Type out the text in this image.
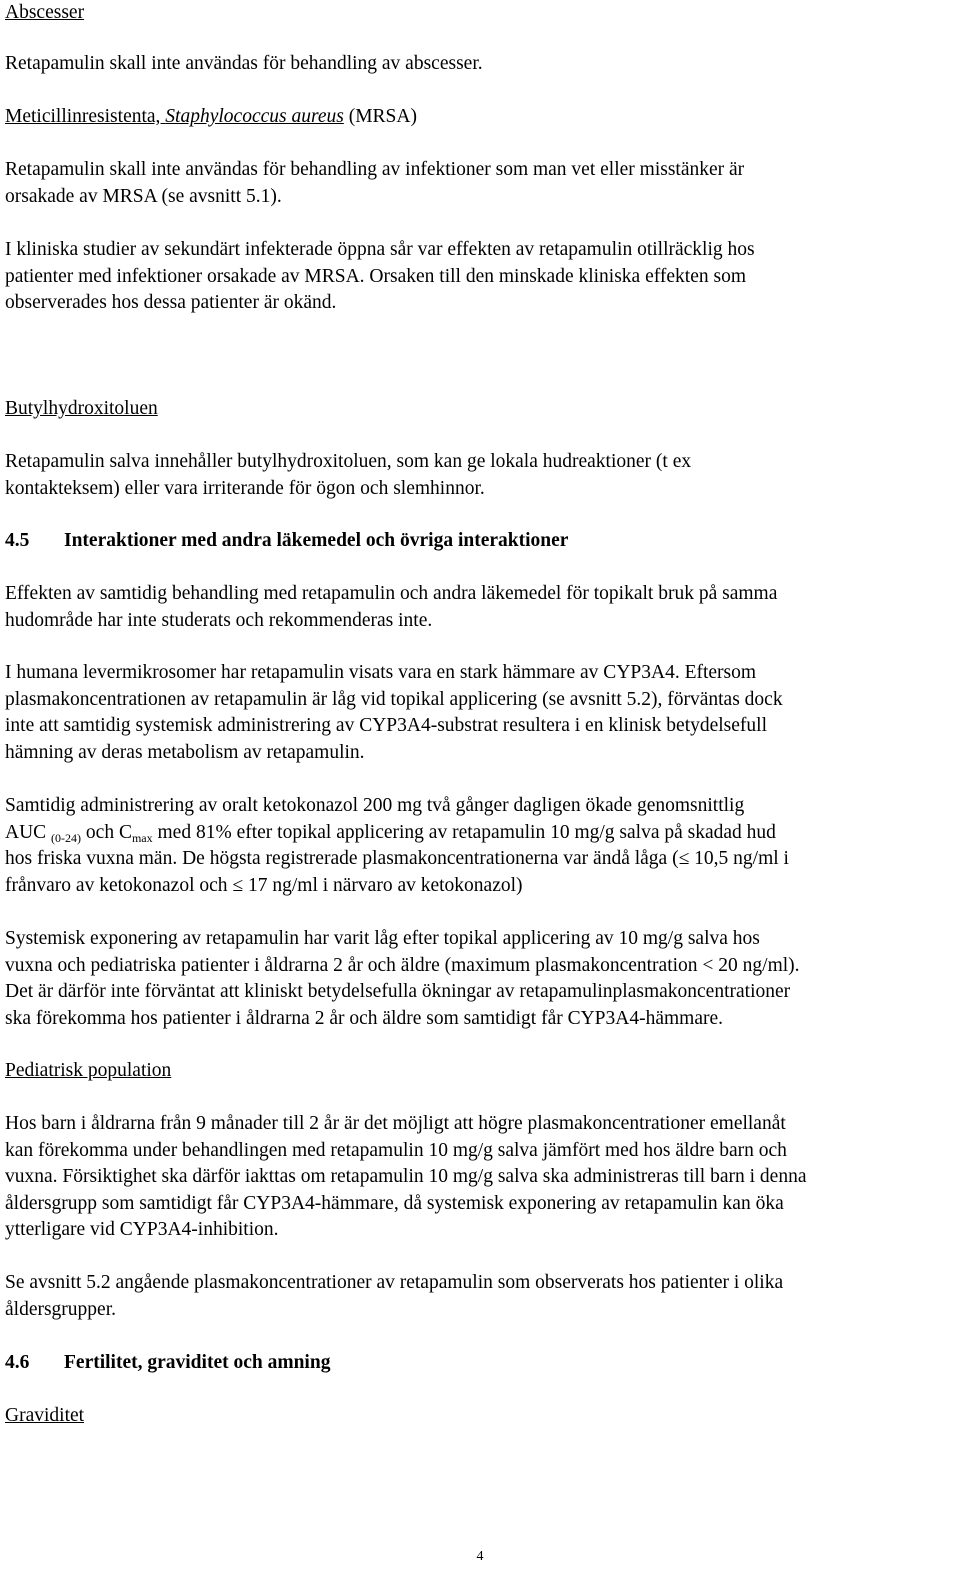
Abscesser

Retapamulin skall inte användas för behandling av abscesser.

Meticillinresistenta, Staphylococcus aureus (MRSA)

Retapamulin skall inte användas för behandling av infektioner som man vet eller misstänker är
orsakade av MRSA (se avsnitt 5.1).

I kliniska studier av sekundärt infekterade öppna sår var effekten av retapamulin otillräcklig hos
patienter med infektioner orsakade av MRSA. Orsaken till den minskade kliniska effekten som
observerades hos dessa patienter är okänd.

Butylhydroxitoluen

Retapamulin salva innehåller butylhydroxitoluen, som kan ge lokala hudreaktioner (t ex
kontakteksem) eller vara irriterande för ögon och slemhinnor.

4.5 Interaktioner med andra läkemedel och övriga interaktioner

Effekten av samtidig behandling med retapamulin och andra läkemedel för topikalt bruk på samma
hudområde har inte studerats och rekommenderas inte.

I humana levermikrosomer har retapamulin visats vara en stark hämmare av CYP3A4. Eftersom
plasmakoncentrationen av retapamulin är låg vid topikal applicering (se avsnitt 5.2), förväntas dock
inte att samtidig systemisk administrering av CYP3A4-substrat resultera i en klinisk betydelsefull
hämning av deras metabolism av retapamulin.

Samtidig administrering av oralt ketokonazol 200 mg två gånger dagligen ökade genomsnittlig
AUC $_{(0-24)}$ och $C_{max}$ med 81% efter topikal applicering av retapamulin 10 mg/g salva på skadad hud
hos friska vuxna män. De högsta registrerade plasmakoncentrationerna var ändå låga (≤ 10,5 ng/ml i
frånvaro av ketokonazol och ≤ 17 ng/ml i närvaro av ketokonazol)

Systemisk exponering av retapamulin har varit låg efter topikal applicering av 10 mg/g salva hos
vuxna och pediatriska patienter i åldrarna 2 år och äldre (maximum plasmakoncentration < 20 ng/ml).
Det är därför inte förväntat att kliniskt betydelsefulla ökningar av retapamulinplasmakoncentrationer
ska förekomma hos patienter i åldrarna 2 år och äldre som samtidigt får CYP3A4-hämmare.

Pediatrisk population

Hos barn i åldrarna från 9 månader till 2 år är det möjligt att högre plasmakoncentrationer emellanåt
kan förekomma under behandlingen med retapamulin 10 mg/g salva jämfört med hos äldre barn och
vuxna. Försiktighet ska därför iakttas om retapamulin 10 mg/g salva ska administreras till barn i denna
åldersgrupp som samtidigt får CYP3A4-hämmare, då systemisk exponering av retapamulin kan öka
ytterligare vid CYP3A4-inhibition.

Se avsnitt 5.2 angående plasmakoncentrationer av retapamulin som observerats hos patienter i olika
åldersgrupper.

4.6 Fertilitet, graviditet och amning

Graviditet

4
